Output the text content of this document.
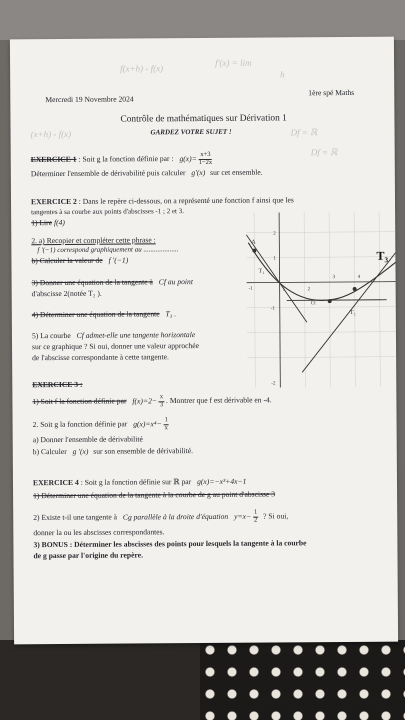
f(x+h) - f(x)
f'(x) = lim
h
(x+h) - f(x)	Df = ℝ
Df = ℝ
Mercredi 19 Novembre 2024
1ère spé Maths
Contrôle de mathématiques sur Dérivation 1
GARDEZ VOTRE SUJET !
EXERCICE 1 : Soit g la fonction définie par : $g(x)= \frac{x+3}{1-2x}$
Déterminer l'ensemble de dérivabilité puis calculer g'(x) sur cet ensemble.
EXERCICE 2 : Dans le repère ci-dessous, on a représenté une fonction f ainsi que les
tangentes à sa courbe aux points d'abscisses -1 ; 2 et 3.
1) Lire f(4)
2. a) Recopier et compléter cette phrase :
f '(−1) correspond graphiquement au ....................
b) Calculer la valeur de f '(−1)
3) Donner une équation de la tangente à Cf au point
d'abscisse 2(notée T₂ ).
4) Déterminer une équation de la tangente T₃ .
5) La courbe Cf admet-elle une tangente horizontale
sur ce graphique ? Si oui, donner une valeur approchée
de l'abscisse correspondante à cette tangente.
A
T₁
T₂
T₃
1	2
3	4
-1
2
1
-1
-2
Cf
EXERCICE 3 :
1) Soit f la fonction définie par $f(x)=2- \frac{x}{3}$ . Montrer que f est dérivable en -4.
2. Soit g la fonction définie par $g(x)=x^4- \frac{1}{x}$
a) Donner l'ensemble de dérivabilité
b) Calculer g '(x) sur son ensemble de dérivabilité.
EXERCICE 4 : Soit g la fonction définie sur ℝ par g(x)=−x³+4x−1
1) Déterminer une équation de la tangente à la courbe de g au point d'abscisse 3
2) Existe t-il une tangente à Cg parallèle à la droite d'équation $y=x- \frac{1}{2}$ ? Si oui,
donner la ou les abscisses correspondantes.
3) BONUS : Déterminer les abscisses des points pour lesquels la tangente à la courbe
de g passe par l'origine du repère.
